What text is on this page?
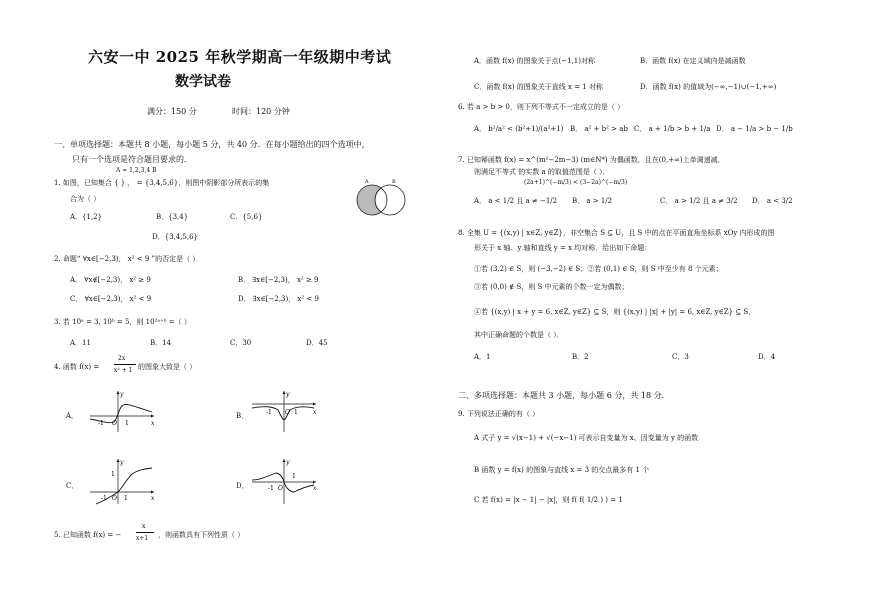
六安一中 2025 年秋学期高一年级期中考试
数学试卷
满分：150 分	时间：120 分钟
一、单项选择题：本题共 8 小题，每小题 5 分，共 40 分．在每小题给出的四个选项中，
只有一个选项是符合题目要求的．
A = 1,2,3,4 B
1. 如图，已知集合 { } ， = {3,4,5,6}，则图中阴影部分所表示的集
合为（ ）
A．{1,2}	B．{3,4}	C．{5,6}
D．{3,4,5,6}
A	B
2. 命题“ ∀x∈[−2,3)， x² < 9 ”的否定是（ ）
A． ∀x∉[−2,3)， x² ≥ 9	B． ∃x∈[−2,3)， x² ≥ 9
C． ∀x∈[−2,3)， x² < 9	D． ∃x∈[−2,3)， x² < 9
3. 若 10ᵃ = 3, 10ᵇ = 5，则 10²ᵃ⁺ᵇ =（ ）
A．11	B．14	C．30	D．45
4. 函数 f(x) =
2x
x² + 1 的图象大致是（ ）
A．	B．
C．	D．
y
x
-1 O 1
y
x
-1 O 1
y
x
-1 O 1
1
y
x
-1 O
1
5. 已知函数 f(x) = −
x
x+1 ，则函数具有下列性质（ ）
A．函数 f(x) 的图象关于点(−1,1)对称	B．函数 f(x) 在定义域内是减函数
C．函数 f(x) 的图象关于直线 x = 1 对称	D．函数 f(x) 的值域为(−∞,−1)∪(−1,+∞)
6. 若 a > b > 0，则下列不等式不一定成立的是（ ）
A． b²/a² < (b²+1)/(a²+1) B． a² + b² > ab C． a + 1/b > b + 1/a D． a − 1/a > b − 1/b
7. 已知幂函数 f(x) = x^(m²−2m−3) (m∈N*) 为偶函数，且在(0,+∞)上单调递减．
则满足不等式 的实数 a 的取值范围是（ ）．
(2a+1)^(−m/3) < (3−2a)^(−m/3)
A． a < 1/2 且 a ≠ −1/2 B． a > 1/2	C． a > 1/2 且 a ≠ 3/2 D． a < 3/2
8. 全集 U = {(x,y) | x∈Z, y∈Z}，非空集合 S ⊆ U，且 S 中的点在平面直角坐标系 xOy 内形成的图
形关于 x 轴、y 轴和直线 y = x 均对称．给出如下命题：
①若 (3,2) ∈ S，则 (−3,−2) ∈ S；②若 (0,1) ∈ S，则 S 中至少有 8 个元素；
③若 (0,0) ∉ S，则 S 中元素的个数一定为偶数；
④若 {(x,y) | x + y = 6, x∈Z, y∈Z} ⊆ S，则 {(x,y) | |x| + |y| = 6, x∈Z, y∈Z} ⊆ S．
其中正确命题的个数是（ ）．
A．1	B．2	C．3	D．4
二、多项选择题：本题共 3 小题，每小题 6 分，共 18 分．
9. 下列说法正确的有（ ）
A 式子 y = √(x−1) + √(−x−1) 可表示自变量为 x、因变量为 y 的函数
B 函数 y = f(x) 的图象与直线 x = 3 的交点最多有 1 个
C 若 f(x) = |x − 1| − |x|，则 f( f( 1/2 ) ) = 1
